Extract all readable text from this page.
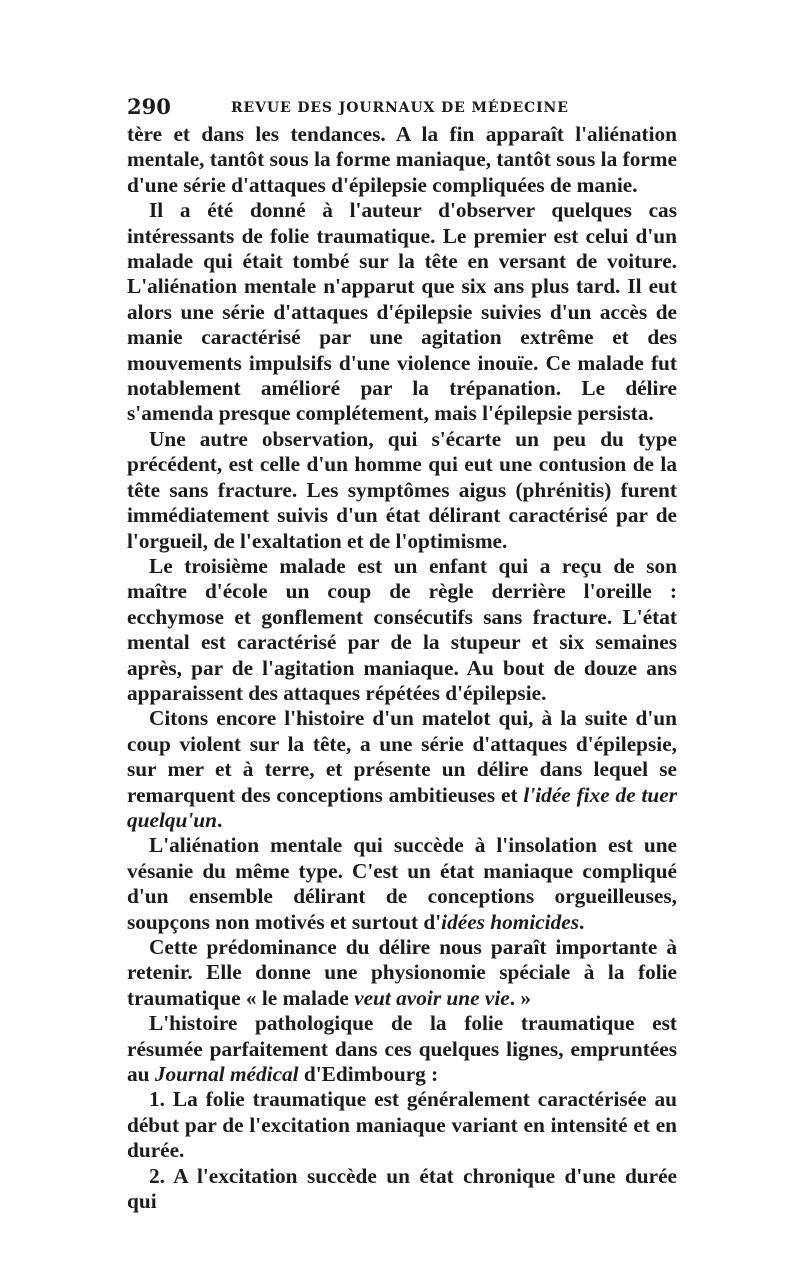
290	REVUE DES JOURNAUX DE MÉDECINE

tère et dans les tendances. A la fin apparaît l'aliénation mentale, tantôt sous la forme maniaque, tantôt sous la forme d'une série d'attaques d'épilepsie compliquées de manie.

Il a été donné à l'auteur d'observer quelques cas intéressants de folie traumatique. Le premier est celui d'un malade qui était tombé sur la tête en versant de voiture. L'aliénation mentale n'apparut que six ans plus tard. Il eut alors une série d'attaques d'épilepsie suivies d'un accès de manie caractérisé par une agitation extrême et des mouvements impulsifs d'une violence inouïe. Ce malade fut notablement amélioré par la trépanation. Le délire s'amenda presque complétement, mais l'épilepsie persista.

Une autre observation, qui s'écarte un peu du type précédent, est celle d'un homme qui eut une contusion de la tête sans fracture. Les symptômes aigus (phrénitis) furent immédiatement suivis d'un état délirant caractérisé par de l'orgueil, de l'exaltation et de l'optimisme.

Le troisième malade est un enfant qui a reçu de son maître d'école un coup de règle derrière l'oreille : ecchymose et gonflement consécutifs sans fracture. L'état mental est caractérisé par de la stupeur et six semaines après, par de l'agitation maniaque. Au bout de douze ans apparaissent des attaques répétées d'épilepsie.

Citons encore l'histoire d'un matelot qui, à la suite d'un coup violent sur la tête, a une série d'attaques d'épilepsie, sur mer et à terre, et présente un délire dans lequel se remarquent des conceptions ambitieuses et l'idée fixe de tuer quelqu'un.

L'aliénation mentale qui succède à l'insolation est une vésanie du même type. C'est un état maniaque compliqué d'un ensemble délirant de conceptions orgueilleuses, soupçons non motivés et surtout d'idées homicides.

Cette prédominance du délire nous paraît importante à retenir. Elle donne une physionomie spéciale à la folie traumatique « le malade veut avoir une vie. »

L'histoire pathologique de la folie traumatique est résumée parfaitement dans ces quelques lignes, empruntées au Journal médical d'Edimbourg :

1. La folie traumatique est généralement caractérisée au début par de l'excitation maniaque variant en intensité et en durée.

2. A l'excitation succède un état chronique d'une durée qui
